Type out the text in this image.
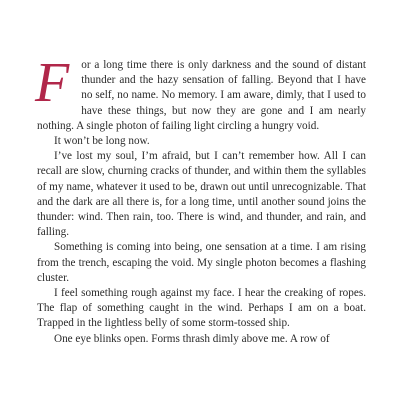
F or a long time there is only darkness and the sound of distant thunder and the hazy sensation of falling. Beyond that I have no self, no name. No memory. I am aware, dimly, that I used to have these things, but now they are gone and I am nearly nothing. A single photon of failing light circling a hungry void.

It won’t be long now.

I’ve lost my soul, I’m afraid, but I can’t remember how. All I can recall are slow, churning cracks of thunder, and within them the syllables of my name, whatever it used to be, drawn out until unrecognizable. That and the dark are all there is, for a long time, until another sound joins the thunder: wind. Then rain, too. There is wind, and thunder, and rain, and falling.

Something is coming into being, one sensation at a time. I am rising from the trench, escaping the void. My single photon becomes a flashing cluster.

I feel something rough against my face. I hear the creaking of ropes. The flap of something caught in the wind. Perhaps I am on a boat. Trapped in the lightless belly of some storm-tossed ship.

One eye blinks open. Forms thrash dimly above me. A row of
